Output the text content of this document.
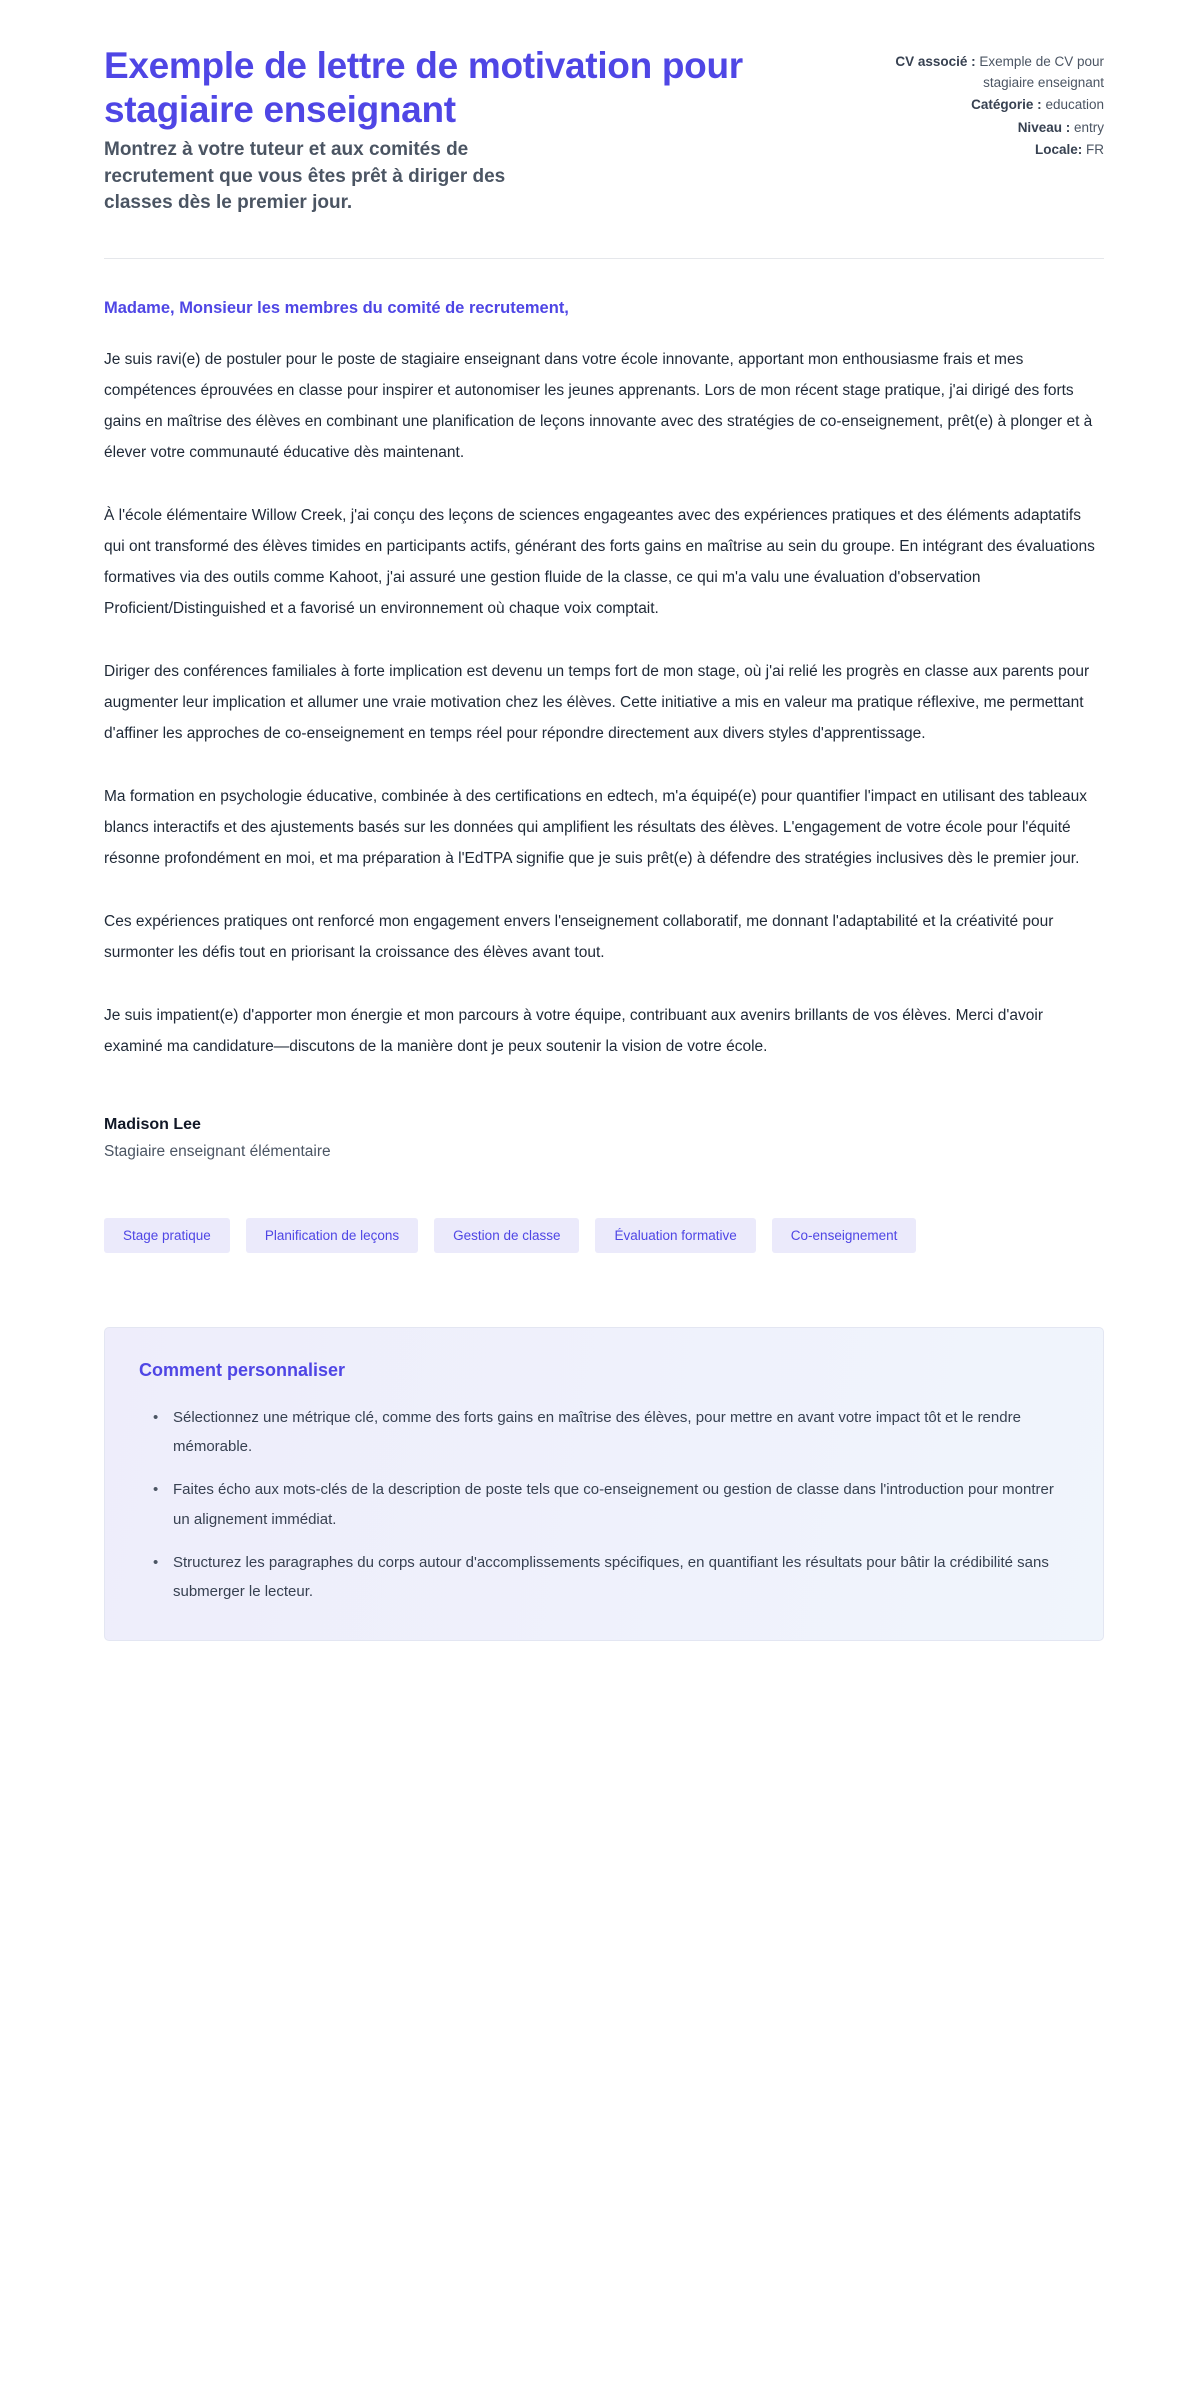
Exemple de lettre de motivation pour stagiaire enseignant

Montrez à votre tuteur et aux comités de recrutement que vous êtes prêt à diriger des classes dès le premier jour.

CV associé : Exemple de CV pour stagiaire enseignant
Catégorie : education
Niveau : entry
Locale: FR

Madame, Monsieur les membres du comité de recrutement,

Je suis ravi(e) de postuler pour le poste de stagiaire enseignant dans votre école innovante, apportant mon enthousiasme frais et mes compétences éprouvées en classe pour inspirer et autonomiser les jeunes apprenants. Lors de mon récent stage pratique, j'ai dirigé des forts gains en maîtrise des élèves en combinant une planification de leçons innovante avec des stratégies de co-enseignement, prêt(e) à plonger et à élever votre communauté éducative dès maintenant.

À l'école élémentaire Willow Creek, j'ai conçu des leçons de sciences engageantes avec des expériences pratiques et des éléments adaptatifs qui ont transformé des élèves timides en participants actifs, générant des forts gains en maîtrise au sein du groupe. En intégrant des évaluations formatives via des outils comme Kahoot, j'ai assuré une gestion fluide de la classe, ce qui m'a valu une évaluation d'observation Proficient/Distinguished et a favorisé un environnement où chaque voix comptait.

Diriger des conférences familiales à forte implication est devenu un temps fort de mon stage, où j'ai relié les progrès en classe aux parents pour augmenter leur implication et allumer une vraie motivation chez les élèves. Cette initiative a mis en valeur ma pratique réflexive, me permettant d'affiner les approches de co-enseignement en temps réel pour répondre directement aux divers styles d'apprentissage.

Ma formation en psychologie éducative, combinée à des certifications en edtech, m'a équipé(e) pour quantifier l'impact en utilisant des tableaux blancs interactifs et des ajustements basés sur les données qui amplifient les résultats des élèves. L'engagement de votre école pour l'équité résonne profondément en moi, et ma préparation à l'EdTPA signifie que je suis prêt(e) à défendre des stratégies inclusives dès le premier jour.

Ces expériences pratiques ont renforcé mon engagement envers l'enseignement collaboratif, me donnant l'adaptabilité et la créativité pour surmonter les défis tout en priorisant la croissance des élèves avant tout.

Je suis impatient(e) d'apporter mon énergie et mon parcours à votre équipe, contribuant aux avenirs brillants de vos élèves. Merci d'avoir examiné ma candidature—discutons de la manière dont je peux soutenir la vision de votre école.

Madison Lee

Stagiaire enseignant élémentaire

Stage pratique	Planification de leçons	Gestion de classe	Évaluation formative	Co-enseignement
Comment personnaliser
• Sélectionnez une métrique clé, comme des forts gains en maîtrise des élèves, pour mettre en avant votre impact tôt et le rendre mémorable.
• Faites écho aux mots-clés de la description de poste tels que co-enseignement ou gestion de classe dans l'introduction pour montrer un alignement immédiat.
• Structurez les paragraphes du corps autour d'accomplissements spécifiques, en quantifiant les résultats pour bâtir la crédibilité sans submerger le lecteur.
